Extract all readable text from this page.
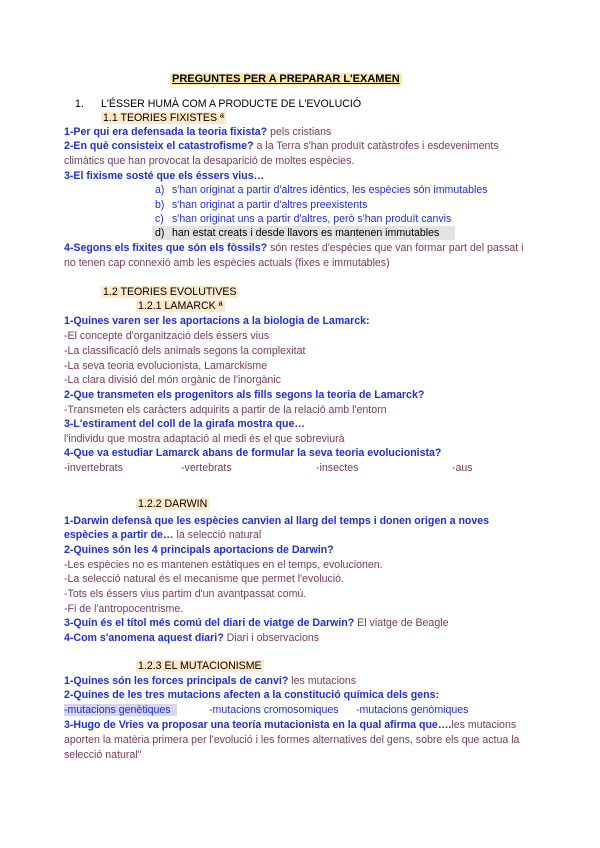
PREGUNTES PER A PREPARAR L'EXAMEN
1. L'ÉSSER HUMÀ COM A PRODUCTE DE L'EVOLUCIÓ
1.1 TEORIES FIXISTES ª
1-Per qui era defensada la teoria fixista? pels cristians
2-En què consisteix el catastrofisme? a la Terra s'han produït catàstrofes i esdeveniments climàtics que han provocat la desaparició de moltes espècies.
3-El fixisme sosté que els éssers vius…
a) s'han originat a partir d'altres idèntics, les espècies són immutables
b) s'han originat a partir d'altres preexistents
c) s'han originat uns a partir d'altres, però s'han produït canvis
d) han estat creats i desde llavors es mantenen immutables
4-Segons els fixites que són els fòssils? són restes d'espècies que van formar part del passat i no tenen cap connexió amb les espècies actuals (fixes e immutables)
1.2 TEORIES EVOLUTIVES
1.2.1 LAMARCK ª
1-Quines varen ser les aportacions a la biologia de Lamarck:
-El concepte d'organització dels éssers vius
-La classificació dels animals segons la complexitat
-La seva teoria evolucionista, Lamarckisme
-La clara divisió del món orgànic de l'inorgànic
2-Que transmeten els progenitors als fills segons la teoria de Lamarck?
-Transmeten els caràcters adquirits a partir de la relació amb l'entorn
3-L'estirament del coll de la girafa mostra que…
l'individu que mostra adaptació al medi és el que sobreviurà
4-Que va estudiar Lamarck abans de formular la seva teoria evolucionista?
-invertebrats	-vertebrats	-insectes	-aus
1.2.2 DARWIN
1-Darwin defensà que les espècies canvien al llarg del temps i donen origen a noves
espècies a partir de… la selecció natural
2-Quines són les 4 principals aportacions de Darwin?
-Les espècies no es mantenen estàtiques en el temps, evolucionen.
-La selecció natural és el mecanisme que permet l'evolució.
-Tots els éssers vius partim d'un avantpassat comú.
-Fi de l'antropocentrisme.
3-Quin és el títol més comú del diari de viatge de Darwin? El viatge de Beagle
4-Com s'anomena aquest diari? Diari i observacions
1.2.3 EL MUTACIONISME
1-Quines són les forces principals de canvi? les mutacions
2-Quines de les tres mutacions afecten a la constitució química dels gens:
-mutacions genètiques	-mutacions cromosomiques -mutacions genòmiques
3-Hugo de Vries va proposar una teoría mutacionista en la qual afirma que….les mutacions aporten la matèria primera per l'evolució i les formes alternatives del gens, sobre els que actua la selecció natural"
